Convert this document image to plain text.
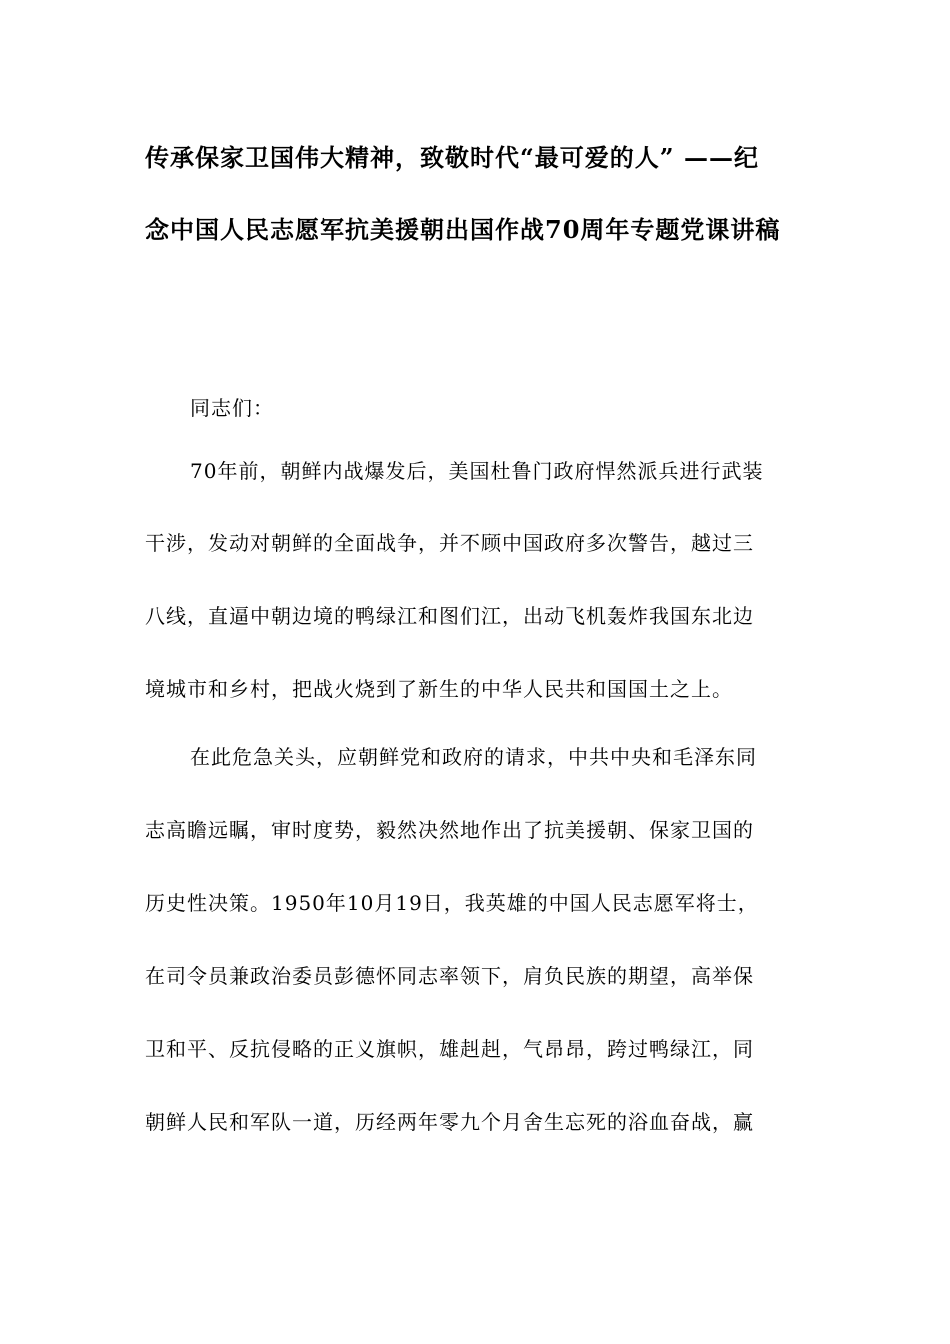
传承保家卫国伟大精神，致敬时代“最可爱的人” ——纪
念中国人民志愿军抗美援朝出国作战70周年专题党课讲稿
同志们：
70年前，朝鲜内战爆发后，美国杜鲁门政府悍然派兵进行武装
干涉，发动对朝鲜的全面战争，并不顾中国政府多次警告，越过三
八线，直逼中朝边境的鸭绿江和图们江，出动飞机轰炸我国东北边
境城市和乡村，把战火烧到了新生的中华人民共和国国土之上。
在此危急关头，应朝鲜党和政府的请求，中共中央和毛泽东同
志高瞻远瞩，审时度势，毅然决然地作出了抗美援朝、保家卫国的
历史性决策。1950年10月19日，我英雄的中国人民志愿军将士，
在司令员兼政治委员彭德怀同志率领下，肩负民族的期望，高举保
卫和平、反抗侵略的正义旗帜，雄赳赳，气昂昂，跨过鸭绿江，同
朝鲜人民和军队一道，历经两年零九个月舍生忘死的浴血奋战，赢
